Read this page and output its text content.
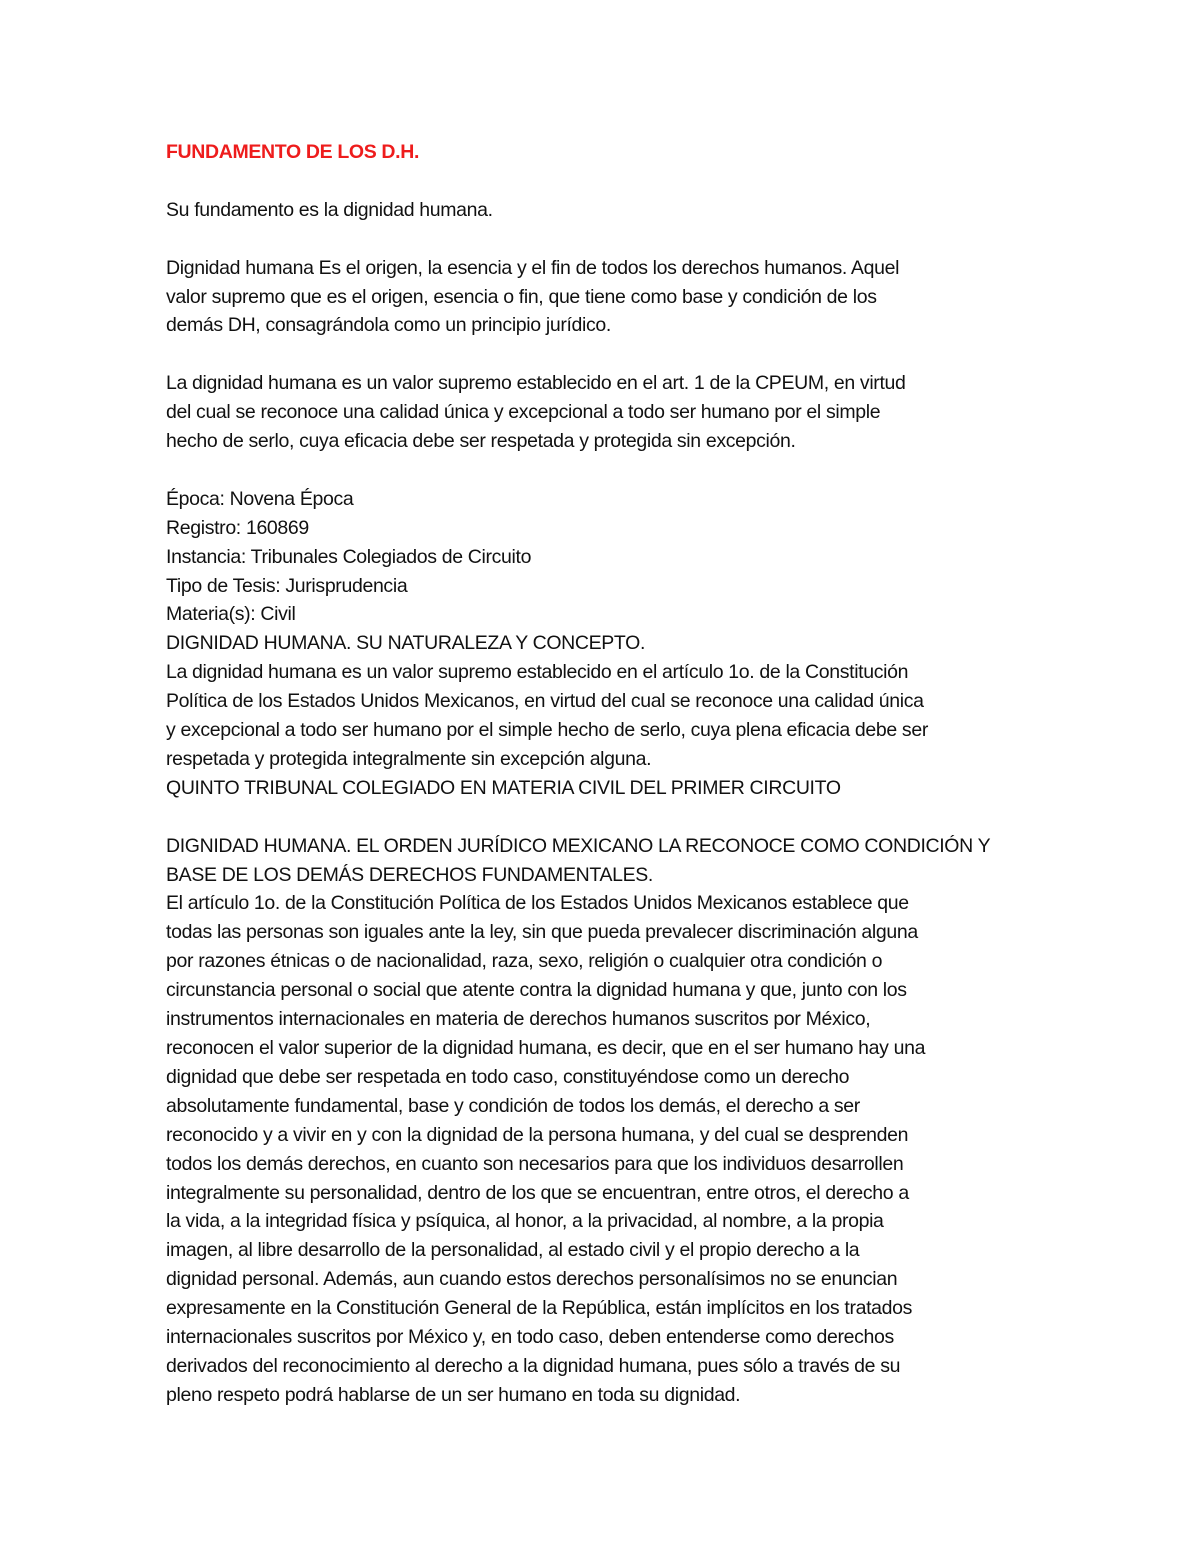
FUNDAMENTO DE LOS D.H.

Su fundamento es la dignidad humana.

Dignidad humana Es el origen, la esencia y el fin de todos los derechos humanos. Aquel
valor supremo que es el origen, esencia o fin, que tiene como base y condición de los
demás DH, consagrándola como un principio jurídico.

La dignidad humana es un valor supremo establecido en el art. 1 de la CPEUM, en virtud
del cual se reconoce una calidad única y excepcional a todo ser humano por el simple
hecho de serlo, cuya eficacia debe ser respetada y protegida sin excepción.

Época: Novena Época
Registro: 160869
Instancia: Tribunales Colegiados de Circuito
Tipo de Tesis: Jurisprudencia
Materia(s): Civil
DIGNIDAD HUMANA. SU NATURALEZA Y CONCEPTO.
La dignidad humana es un valor supremo establecido en el artículo 1o. de la Constitución
Política de los Estados Unidos Mexicanos, en virtud del cual se reconoce una calidad única
y excepcional a todo ser humano por el simple hecho de serlo, cuya plena eficacia debe ser
respetada y protegida integralmente sin excepción alguna.
QUINTO TRIBUNAL COLEGIADO EN MATERIA CIVIL DEL PRIMER CIRCUITO
DIGNIDAD HUMANA. EL ORDEN JURÍDICO MEXICANO LA RECONOCE COMO CONDICIÓN Y
BASE DE LOS DEMÁS DERECHOS FUNDAMENTALES.
El artículo 1o. de la Constitución Política de los Estados Unidos Mexicanos establece que
todas las personas son iguales ante la ley, sin que pueda prevalecer discriminación alguna
por razones étnicas o de nacionalidad, raza, sexo, religión o cualquier otra condición o
circunstancia personal o social que atente contra la dignidad humana y que, junto con los
instrumentos internacionales en materia de derechos humanos suscritos por México,
reconocen el valor superior de la dignidad humana, es decir, que en el ser humano hay una
dignidad que debe ser respetada en todo caso, constituyéndose como un derecho
absolutamente fundamental, base y condición de todos los demás, el derecho a ser
reconocido y a vivir en y con la dignidad de la persona humana, y del cual se desprenden
todos los demás derechos, en cuanto son necesarios para que los individuos desarrollen
integralmente su personalidad, dentro de los que se encuentran, entre otros, el derecho a
la vida, a la integridad física y psíquica, al honor, a la privacidad, al nombre, a la propia
imagen, al libre desarrollo de la personalidad, al estado civil y el propio derecho a la
dignidad personal. Además, aun cuando estos derechos personalísimos no se enuncian
expresamente en la Constitución General de la República, están implícitos en los tratados
internacionales suscritos por México y, en todo caso, deben entenderse como derechos
derivados del reconocimiento al derecho a la dignidad humana, pues sólo a través de su
pleno respeto podrá hablarse de un ser humano en toda su dignidad.
